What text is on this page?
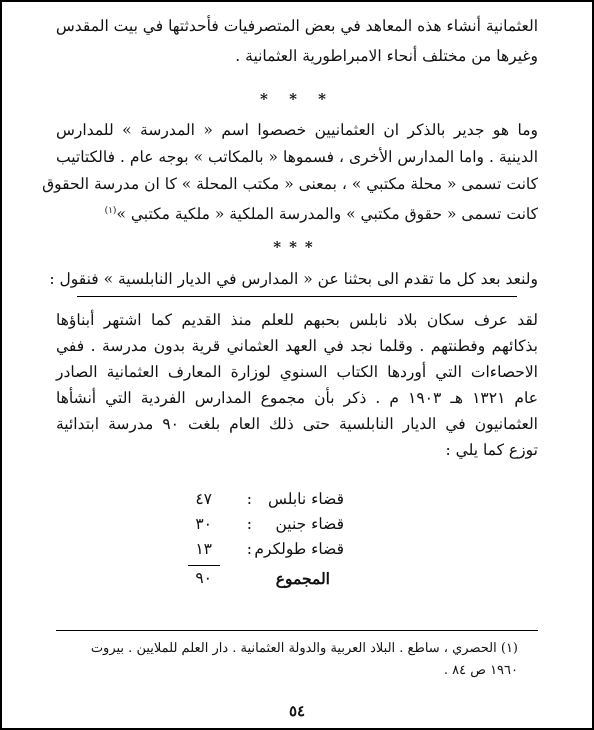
العثمانية أنشاء هذه المعاهد في بعض المتصرفيات فأحدثتها في بيت المقدس
وغيرها من مختلف أنحاء الامبراطورية العثمانية .
* * *
وما هو جدير بالذكر ان العثمانيين خصصوا اسم « المدرسة » للمدارس
الدينية . واما المدارس الأخرى ، فسموها « بالمكاتب » بوجه عام . فالكتاتيب
كانت تسمى « محلة مكتبي » ، بمعنى « مكتب المحلة » كا ان مدرسة الحقوق
كانت تسمى « حقوق مكتبي » والمدرسة الملكية « ملكية مكتبي »$^{(١)}$
***
ولنعد بعد كل ما تقدم الى بحثنا عن « المدارس في الديار النابلسية » فنقول :
لقد عرف سكان بلاد نابلس بحبهم للعلم منذ القديم كما اشتهر أبناؤها
بذكائهم وفطنتهم . وقلما نجد في العهد العثماني قرية بدون مدرسة . ففي
الاحصاءات التي أوردها الكتاب السنوي لوزارة المعارف العثمانية الصادر
عام ١٣٢١ هـ ١٩٠٣ م . ذكر بأن مجموع المدارس الفردية التي أنشأها
العثمانيون في الديار النابلسية حتى ذلك العام بلغت ٩٠ مدرسة ابتدائية
توزع كما يلي :
قضاء نابلس
:
٤٧
قضاء جنين
:
٣٠
قضاء طولكرم
:
١٣
المجموع
٩٠
(١) الحصري ، ساطع . البلاد العربية والدولة العثمانية . دار العلم للملايين . بيروت
١٩٦٠ ص ٨٤ .
٥٤
